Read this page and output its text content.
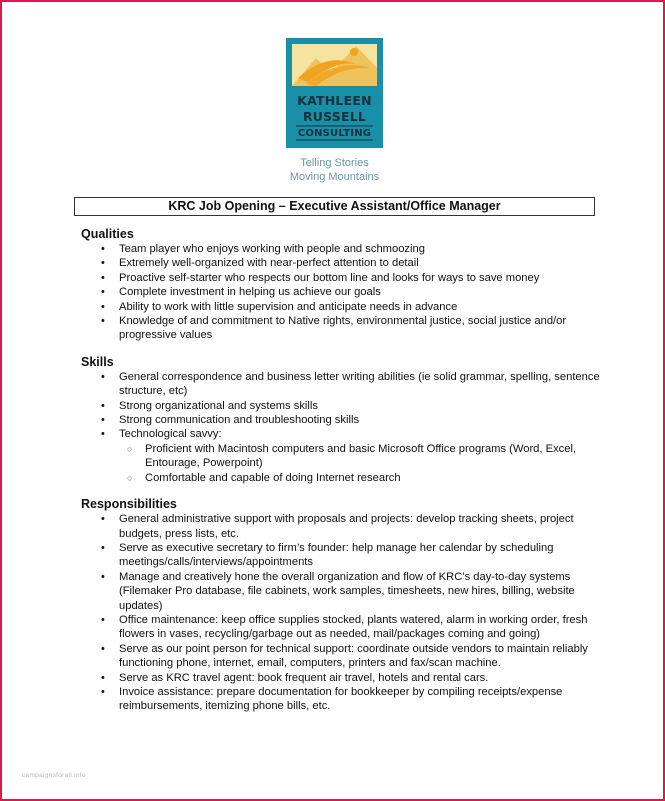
KATHLEEN
RUSSELL
CONSULTING
Telling Stories
Moving Mountains
KRC Job Opening – Executive Assistant/Office Manager
Qualities
• Team player who enjoys working with people and schmoozing
• Extremely well-organized with near-perfect attention to detail
• Proactive self-starter who respects our bottom line and looks for ways to save money
• Complete investment in helping us achieve our goals
• Ability to work with little supervision and anticipate needs in advance
• Knowledge of and commitment to Native rights, environmental justice, social justice and/or progressive values
Skills
• General correspondence and business letter writing abilities (ie solid grammar, spelling, sentence structure, etc)
• Strong organizational and systems skills
• Strong communication and troubleshooting skills
• Technological savvy:
○ Proficient with Macintosh computers and basic Microsoft Office programs (Word, Excel, Entourage, Powerpoint)
○ Comfortable and capable of doing Internet research
Responsibilities
• General administrative support with proposals and projects: develop tracking sheets, project budgets, press lists, etc.
• Serve as executive secretary to firm’s founder: help manage her calendar by scheduling meetings/calls/interviews/appointments
• Manage and creatively hone the overall organization and flow of KRC’s day-to-day systems (Filemaker Pro database, file cabinets, work samples, timesheets, new hires, billing, website updates)
• Office maintenance: keep office supplies stocked, plants watered, alarm in working order, fresh flowers in vases, recycling/garbage out as needed, mail/packages coming and going)
• Serve as our point person for technical support: coordinate outside vendors to maintain reliably functioning phone, internet, email, computers, printers and fax/scan machine.
• Serve as KRC travel agent: book frequent air travel, hotels and rental cars.
• Invoice assistance: prepare documentation for bookkeeper by compiling receipts/expense reimbursements, itemizing phone bills, etc.
campaignsforall.info
